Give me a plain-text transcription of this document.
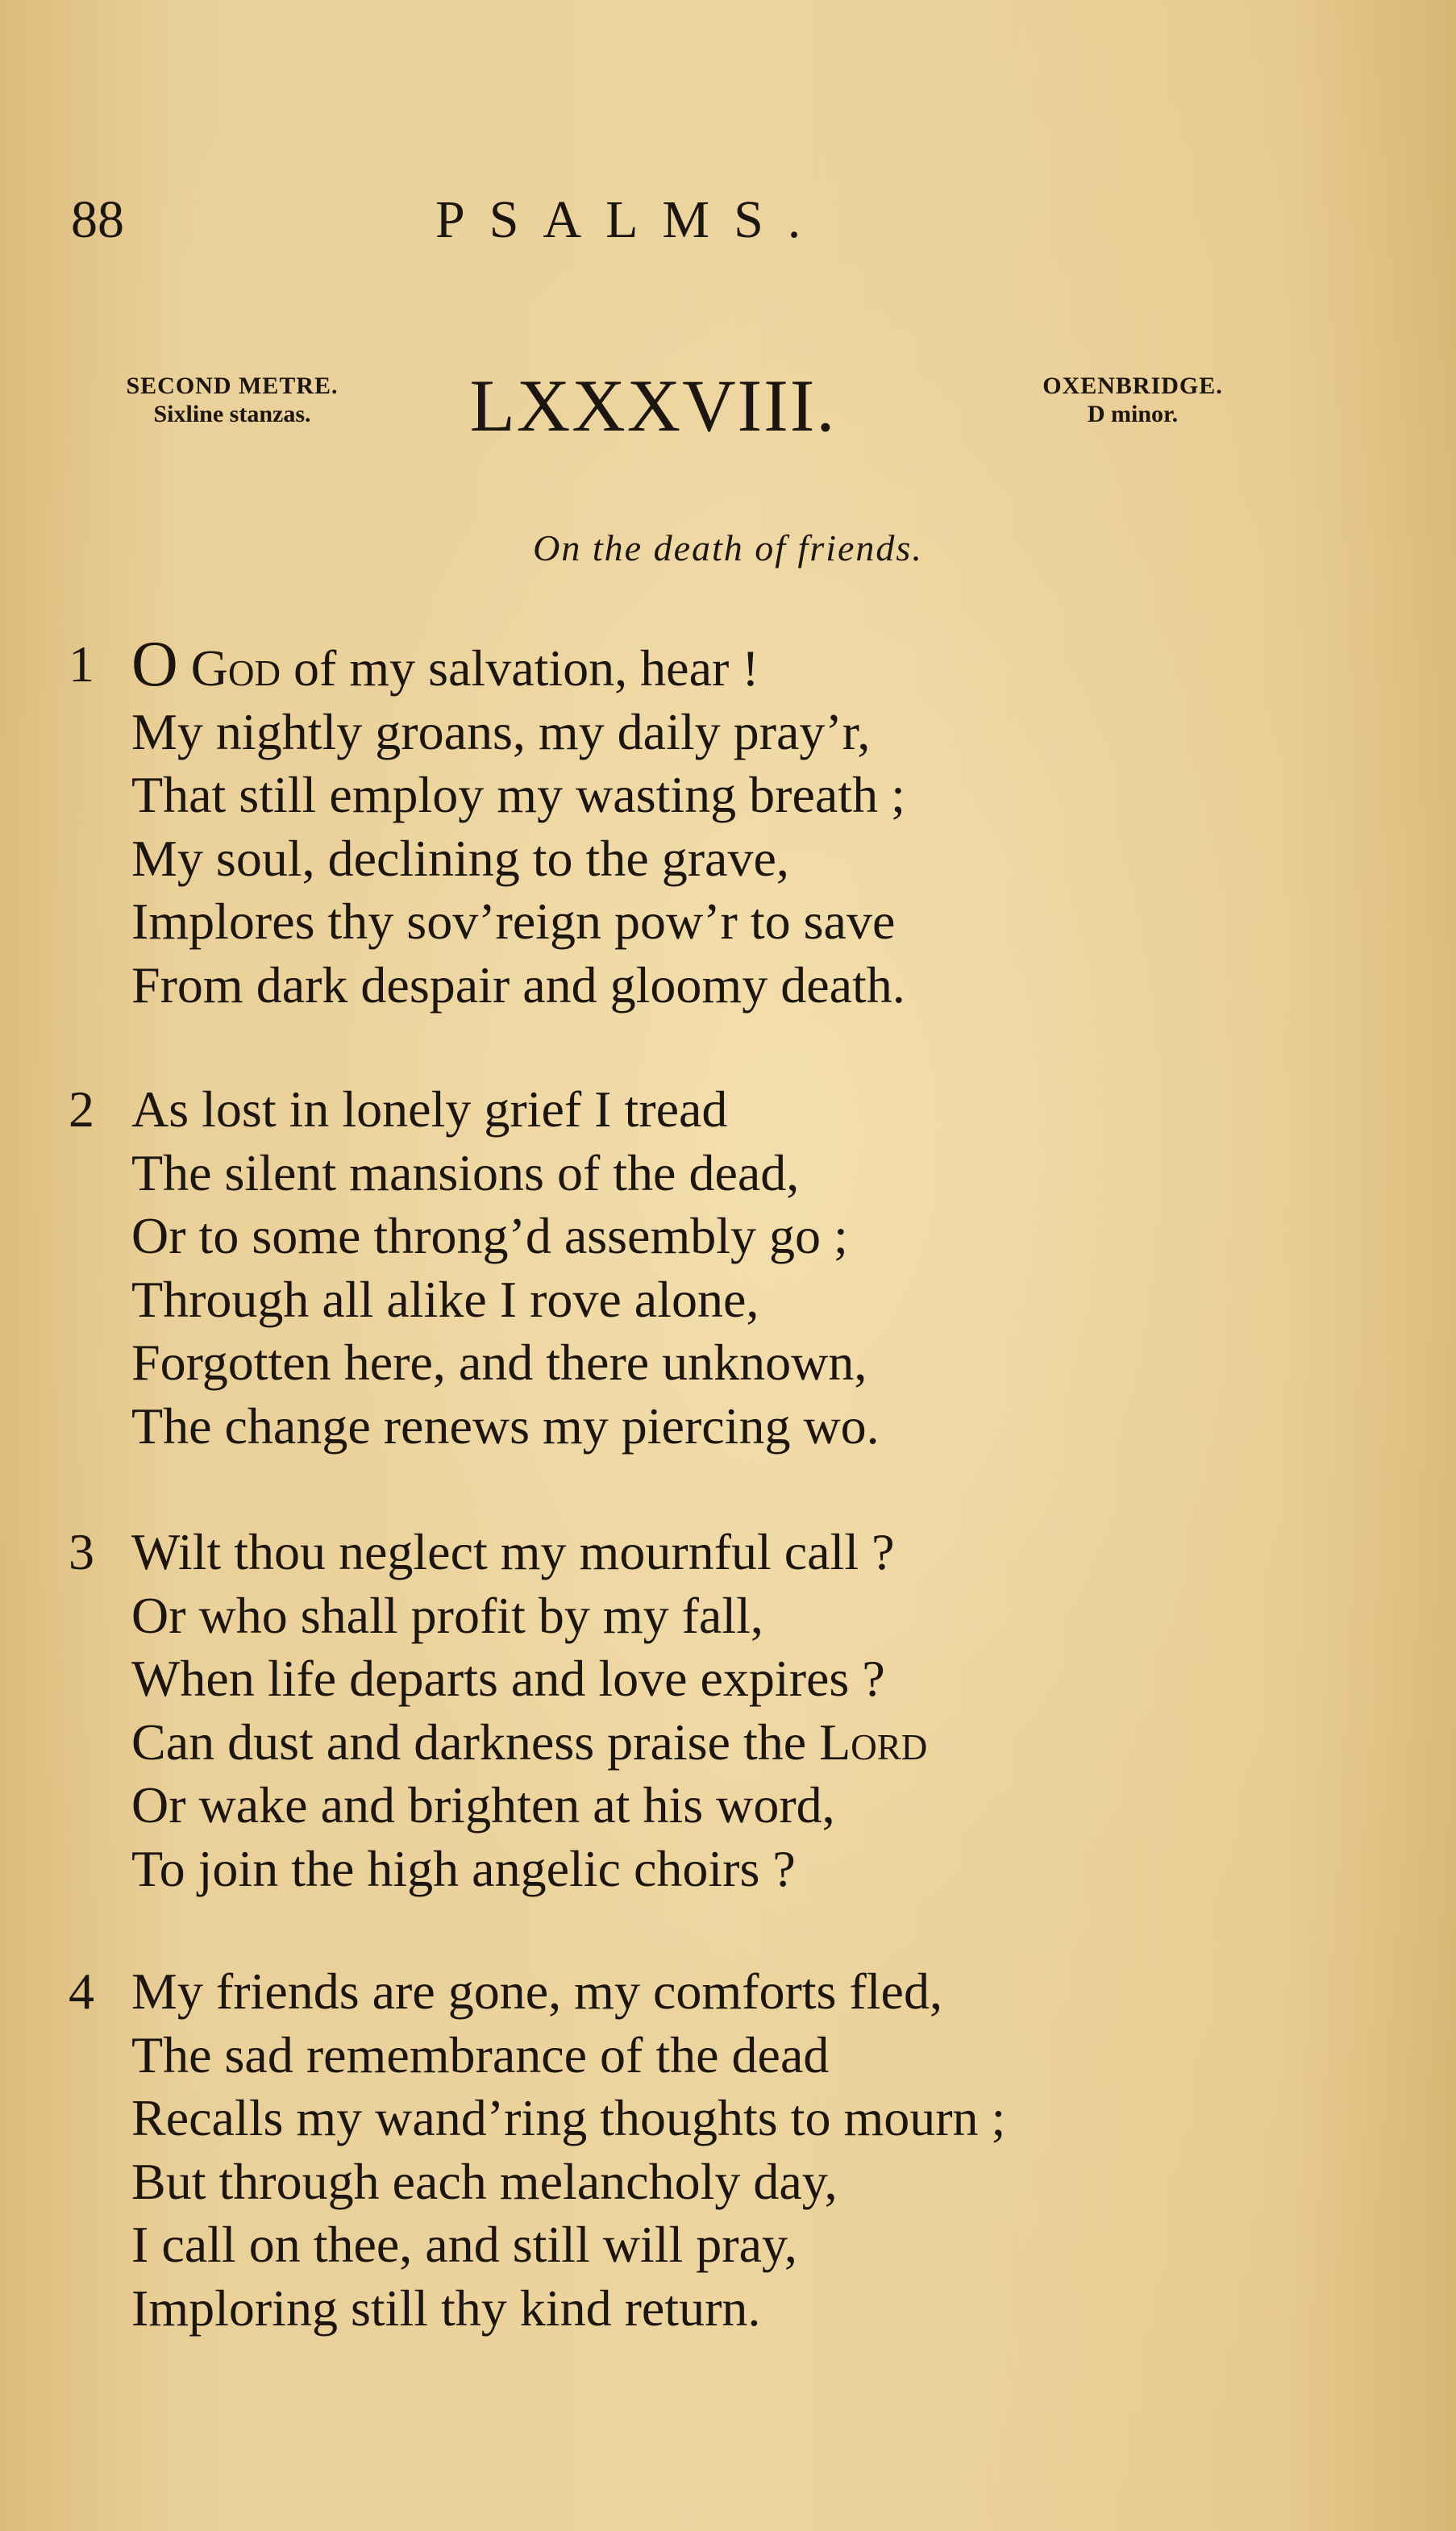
88	PSALMS.
SECOND METRE.
Sixline stanzas.	LXXXVIII.	OXENBRIDGE.
D minor.
On the death of friends.
1 O God of my salvation, hear !
My nightly groans, my daily pray’r,
That still employ my wasting breath ;
My soul, declining to the grave,
Implores thy sov’reign pow’r to save
From dark despair and gloomy death.
2 As lost in lonely grief I tread
The silent mansions of the dead,
Or to some throng’d assembly go ;
Through all alike I rove alone,
Forgotten here, and there unknown,
The change renews my piercing wo.
3 Wilt thou neglect my mournful call ?
Or who shall profit by my fall,
When life departs and love expires ?
Can dust and darkness praise the Lord
Or wake and brighten at his word,
To join the high angelic choirs ?
4 My friends are gone, my comforts fled,
The sad remembrance of the dead
Recalls my wand’ring thoughts to mourn ;
But through each melancholy day,
I call on thee, and still will pray,
Imploring still thy kind return.
